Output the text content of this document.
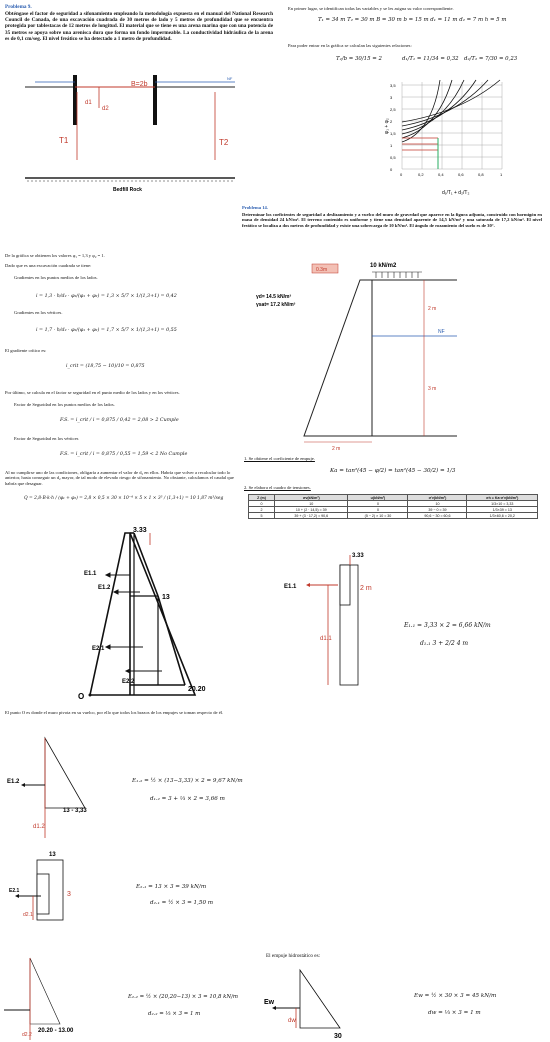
Problema 9.
Obténgase el factor de seguridad a sifonamiento empleando la metodología expuesta en el manual del National Research Council de Canada, de una excavación cuadrada de 30 metros de lado y 5 metros de profundidad que se encuentra protegida por tablestacas de 12 metros de longitud. El material que se tiene es una arena marina que con una potencia de 35 metros se apoya sobre una arenisca dura que forma un fondo impermeable. La conductividad hidráulica de la arena es de 0,1 cm/seg. El nivel freático se ha detectado a 1 metro de profundidad.
B=2b
NF
d1
d2
T1	T2
Bedfill Rock
En primer lugar, se identifican todas las variables y se les asigna su valor correspondiente.
T₁ = 34 m T₂ = 30 m B = 30 m b = 15 m d₁ = 11 m d₂ = 7 m h = 5 m
Para poder entrar en la gráfica se calculan las siguientes relaciones:
T₂/b = 30/15 = 2	d₁/T₁ = 11/34 = 0,32 d₂/T₂ = 7/30 = 0,23
φ₁ + φ₂
d₁/T₁ + d₂/T₂
0	0,2	0,4	0,6	0,8	1
0
0,5
1
1,5
2
2,5
3
3,5
Problema 14.
Determinar los coeficientes de seguridad a deslizamiento y a vuelco del muro de gravedad que aparece en la figura adjunta, construido con hormigón en masa de densidad 24 kN/m³. El terreno contenido es uniforme y tiene una densidad aparente de 14,5 kN/m³ y una saturada de 17,2 kN/m³. El nivel freático se localiza a dos metros de profundidad y existe una sobrecarga de 10 kN/m². El ángulo de rozamiento del suelo es de 30°.
10 kN/m2
0.3m
γd= 14.5 kN/m³
γsat= 17.2 kN/m³
2 m
NF
3 m
2 m
1. Se obtiene el coeficiente de empuje.
Ka = tan²(45 − φ/2) = tan²(45 − 30/2) = 1/3
2. Se elabora el cuadro de tensiones.
Z (m)	σv(kN/m²)	u(kN/m²)	σ'v(kN/m²)	σh = Ka·σ'v(kN/m²)
0	10	0	10	1/3×10 = 3,33
2	10 + (2 · 14,5) = 39	0	39 − 0 = 39	1/3×39 = 13
5	39 + (3 · 17,2) = 90,6	(5 − 2) × 10 = 30	90,6 − 30 = 60,6	1/3×60,6 = 20,2
De la gráfica se obtienen los valores φ₁ = 1,3 y φ₂ = 1.
Dado que es una excavación cuadrada se tiene:
Gradientes en los puntos medios de los lados.
i = 1,3 · h/d₂ · φ₂/(φ₁ + φ₂) = 1,3 × 5/7 × 1/(1,3+1) = 0,42
Gradientes en los vértices.
i = 1,7 · h/d₂ · φ₂/(φ₁ + φ₂) = 1,7 × 5/7 × 1/(1,3+1) = 0,55
El gradiente crítico es:
i_crit = (18,75 − 10)/10 = 0,875
Por último, se calcula en el factor se seguridad en el punto medio de los lados y en los vértices.
Factor de Seguridad en los puntos medios de los lados.
F.S. = i_crit / i = 0,875 / 0,42 = 2,08 > 2 Cumple
Factor de Seguridad en los vértices
F.S. = i_crit / i = 0,875 / 0,55 = 1,59 < 2 No Cumple
Al no cumplirse uno de las condiciones, obligaría a aumentar el valor de d₂ en ellos. Habría que volver a recalcular todo lo anterior, hasta conseguir un d₂ mayor, de tal modo de elevado riesgo de sifonamiento. No obstante, calculamos el caudal que habría que desaguar.
Q = 2,8·B·k·h / (φ₁ + φ₂) = 2,8 × 0,5 × 30 × 10⁻⁴ × 5 × 1 × 3⁵ / (1,3+1) = 10 1,87 m³/seg
O
3.33
13
20.20
E1.1
E1.2
E2.1
E2.2
3.33
E1.1	2 m
d1.1
E₁.₁ = 3,33 × 2 = 6,66 kN/m
d₁.₁ 3 + 2/2 4 m
El punto O es donde el muro pivota en su vuelco, por ello que todos los brazos de los empujes se toman respecto de él.
E1.2
13 - 3,33
d1.2
E₁.₂ = ½ × (13−3,33) × 2 = 9,67 kN/m
d₁.₂ = 3 + ⅓ × 2 = 3,66 m
13
E2.1
d2.1
3
E₂.₁ = 13 × 3 = 39 kN/m
d₂.₁ = ½ × 3 = 1,50 m
20.20 - 13.00
d2.2
E₂.₂ = ½ × (20,20−13) × 3 = 10,8 kN/m
d₂.₂ = ⅓ × 3 = 1 m
El empuje hidrostático es:
Ew
dw
30
Ew = ½ × 30 × 3 = 45 kN/m
dw = ⅓ × 3 = 1 m
